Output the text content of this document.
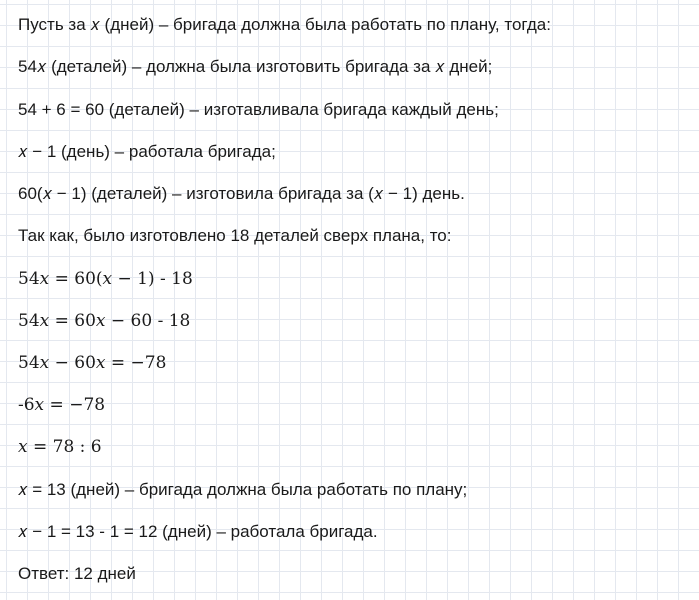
Пусть за 𝑥 (дней) – бригада должна была работать по плану, тогда:
54𝑥 (деталей) – должна была изготовить бригада за 𝑥 дней;
54 + 6 = 60 (деталей) – изготавливала бригада каждый день;
𝑥 − 1 (день) – работала бригада;
60(𝑥 − 1) (деталей) – изготовила бригада за (𝑥 − 1) день.
Так как, было изготовлено 18 деталей сверх плана, то:
54𝑥 = 60(𝑥 − 1) - 18
54𝑥 = 60𝑥 − 60 - 18
54𝑥 − 60𝑥 = −78
-6𝑥 = −78
𝑥 = 78 : 6
𝑥 = 13 (дней) – бригада должна была работать по плану;
𝑥 − 1 = 13 - 1 = 12 (дней) – работала бригада.
Ответ: 12 дней
